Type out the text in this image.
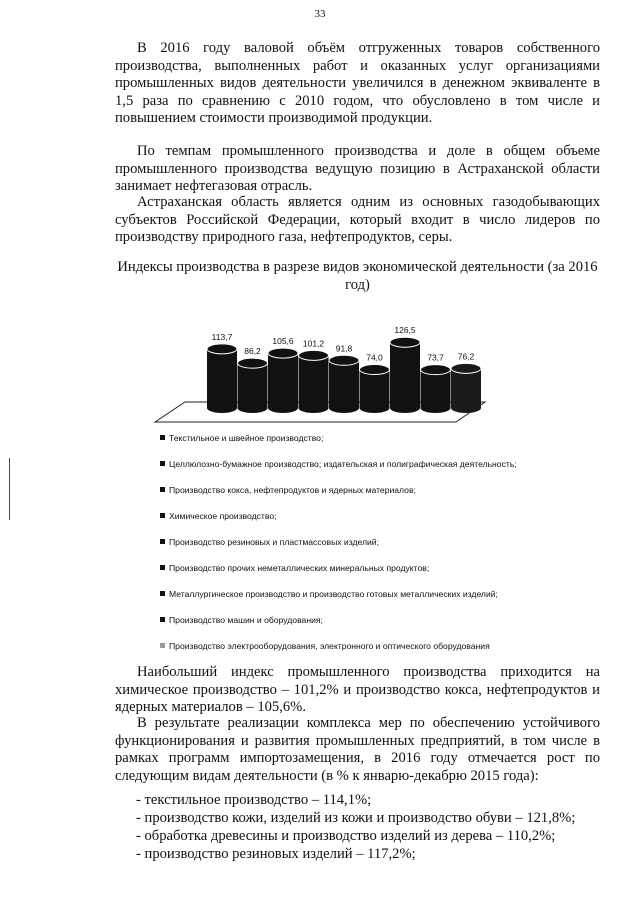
33

В 2016 году валовой объём отгруженных товаров собственного производства, выполненных работ и оказанных услуг организациями промышленных видов деятельности увеличился в денежном эквиваленте в 1,5 раза по сравнению с 2010 годом, что обусловлено в том числе и повышением стоимости производимой продукции.

По темпам промышленного производства и доле в общем объеме промышленного производства ведущую позицию в Астраханской области занимает нефтегазовая отрасль.

Астраханская область является одним из основных газодобывающих субъектов Российской Федерации, который входит в число лидеров по производству природного газа, нефтепродуктов, серы.

Индексы производства в разрезе видов экономической деятельности (за 2016 год)

113,7
86,2
105,6 101,2 91,8
74,0
126,5
73,7 76,2
Текстильное и швейное производство;
Целлюлозно-бумажное производство; издательская и полиграфическая деятельность;
Производство кокса, нефтепродуктов и ядерных материалов;
Химическое производство;
Производство резиновых и пластмассовых изделий;
Производство прочих неметаллических минеральных продуктов;
Металлургическое производство и производство готовых металлических изделий;
Производство машин и оборудования;
Производство электрооборудования, электронного и оптического оборудования

Наибольший индекс промышленного производства приходится на химическое производство – 101,2% и производство кокса, нефтепродуктов и ядерных материалов – 105,6%.

В результате реализации комплекса мер по обеспечению устойчивого функционирования и развития промышленных предприятий, в том числе в рамках программ импортозамещения, в 2016 году отмечается рост по следующим видам деятельности (в % к январю-декабрю 2015 года):

- текстильное производство – 114,1%;
- производство кожи, изделий из кожи и производство обуви – 121,8%;
- обработка древесины и производство изделий из дерева – 110,2%;
- производство резиновых изделий – 117,2%;
